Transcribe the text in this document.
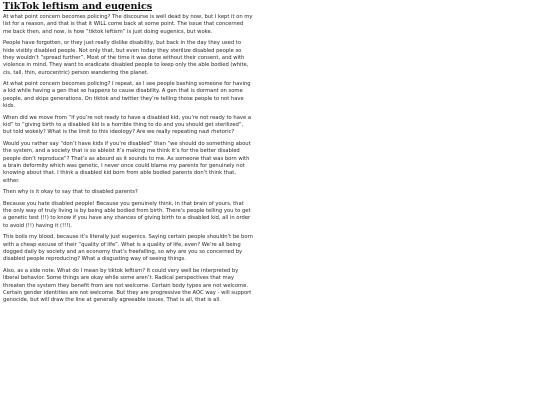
TikTok leftism and eugenics

At what point concern becomes policing? The discourse is well dead by now, but I kept it on my list for a reason, and that is that it WILL come back at some point. The issue that concerned me back then, and now, is how “tiktok leftism” is just doing eugenics, but woke.

People have forgotten, or they just really dislike disability, but back in the day they used to hide visibly disabled people. Not only that, but even today they sterilize disabled people so they wouldn’t “spread further”. Most of the time it was done without their consent, and with violence in mind. They want to eradicate disabled people to keep only the able bodied (white, cis, tall, thin, eurocentric) person wandering the planet.

At what point concern becomes policing? I repeat, as I see people bashing someone for having a kid while having a gen that so happens to cause disability. A gen that is dormant on some people, and skips generations. On tiktok and twitter they’re telling those people to not have kids.

When did we move from “if you’re not ready to have a disabled kid, you’re not ready to have a kid” to “giving birth to a disabled kid is a horrible thing to do and you should get sterilized”, but told wokely? What is the limit to this ideology? Are we really repeating nazi rhetoric?

Would you rather say “don’t have kids if you’re disabled” than “we should do something about the system, and a society that is so ableist it’s making me think it’s for the better disabled people don’t reproduce”? That’s as absurd as it sounds to me. As someone that was born with a brain deformity which was genetic, I never once could blame my parents for genuinely not knowing about that. I think a disabled kid born from able bodied parents don’t think that, either.

Then why is it okay to say that to disabled parents?

Because you hate disabled people! Because you genuinely think, in that brain of yours, that the only way of truly living is by being able bodied from birth. There’s people telling you to get a genetic test (!!) to know if you have any chances of giving birth to a disabled kid, all in order to avoid (!!) having it (!!!).

This boils my blood, because it’s literally just eugenics. Saying certain people shouldn’t be born with a cheap excuse of their “quality of life”. What is a quality of life, even? We’re all being dogged daily by society and an economy that’s freefalling, so why are you so concerned by disabled people reproducing? What a disgusting way of seeing things.

Also, as a side note. What do I mean by tiktok leftism? It could very well be interpreted by liberal behavior. Some things are okay while some aren’t. Radical perspectives that may threaten the system they benefit from are not welcome. Certain body types are not welcome. Certain gender identities are not welcome. But they are progressive the AOC way - will support genocide, but will draw the line at generally agreeable issues. That is all, that is all.
